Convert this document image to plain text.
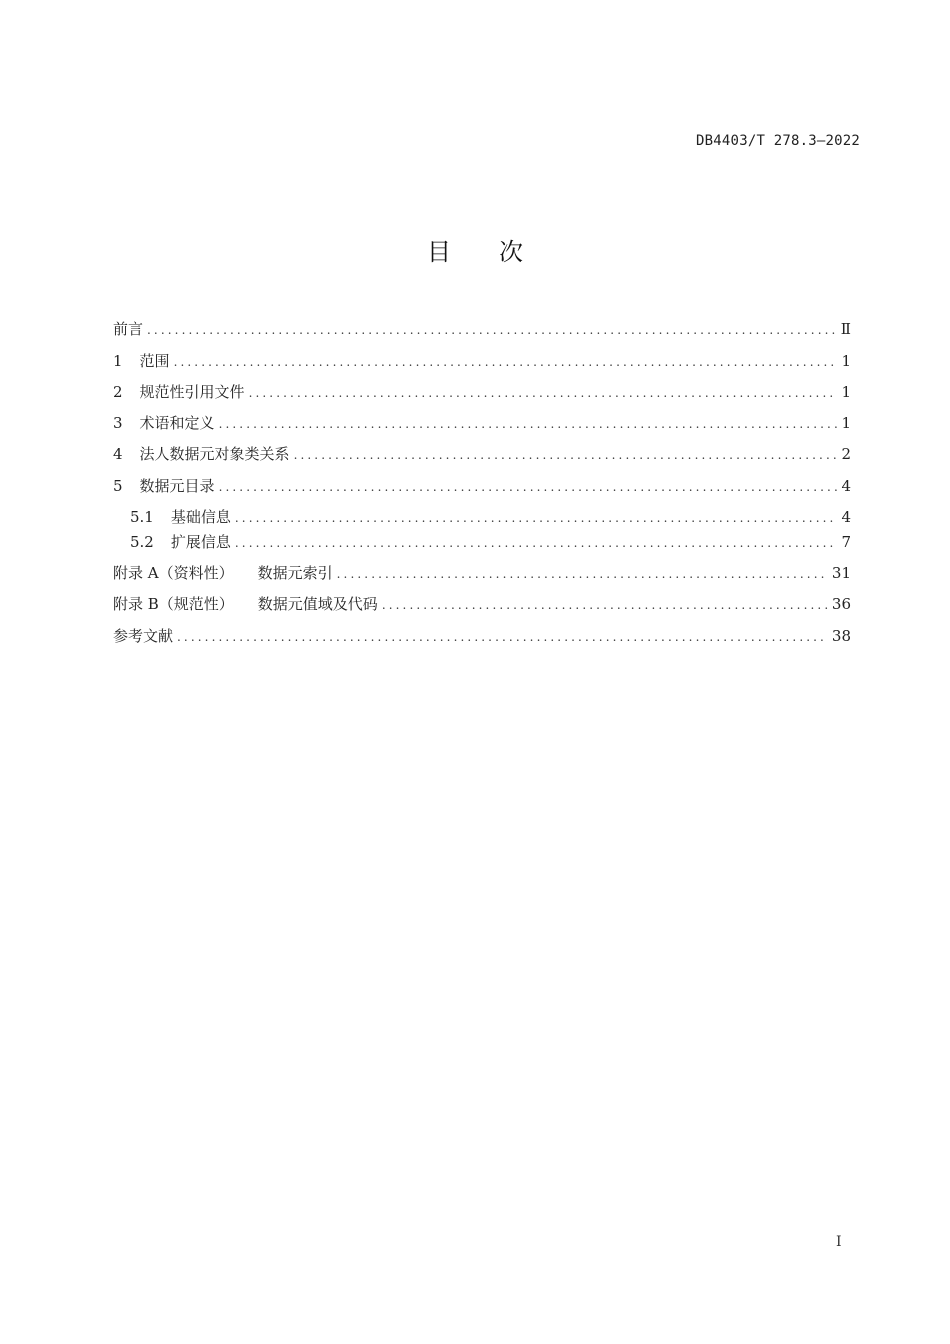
DB4403/T 278.3—2022
目次
前言 .....	Ⅱ
1 范围 .....	1
2 规范性引用文件 .....	1
3 术语和定义 .....	1
4 法人数据元对象类关系 .....	2
5 数据元目录 .....	4
5.1 基础信息 .....	4
5.2 扩展信息 .....	7
附录 A（资料性） 数据元索引 .....	31
附录 B（规范性） 数据元值域及代码 .....	36
参考文献 .....	38
I
